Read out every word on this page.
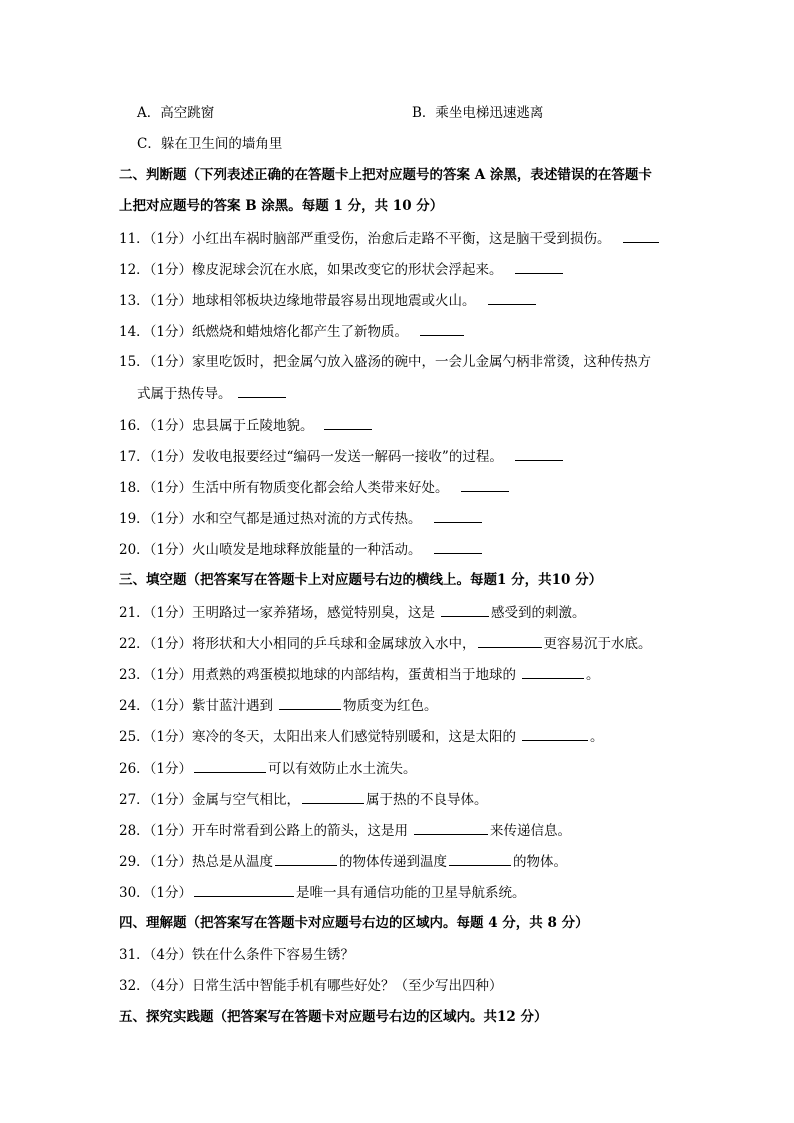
A．高空跳窗	B．乘坐电梯迅速逃离
C．躲在卫生间的墙角里
二、判断题（下列表述正确的在答题卡上把对应题号的答案 A 涂黑，表述错误的在答题卡
上把对应题号的答案 B 涂黑。每题 1 分，共 10 分）
11．（1分）小红出车祸时脑部严重受伤，治愈后走路不平衡，这是脑干受到损伤。
12．（1分）橡皮泥球会沉在水底，如果改变它的形状会浮起来。
13．（1分）地球相邻板块边缘地带最容易出现地震或火山。
14．（1分）纸燃烧和蜡烛熔化都产生了新物质。
15．（1分）家里吃饭时，把金属勺放入盛汤的碗中，一会儿金属勺柄非常烫，这种传热方
式属于热传导。
16．（1分）忠县属于丘陵地貌。
17．（1分）发收电报要经过“编码一发送一解码一接收”的过程。
18．（1分）生活中所有物质变化都会给人类带来好处。
19．（1分）水和空气都是通过热对流的方式传热。
20．（1分）火山喷发是地球释放能量的一种活动。
三、填空题（把答案写在答题卡上对应题号右边的横线上。每题1 分，共10 分）
21．（1分）王明路过一家养猪场，感觉特别臭，这是	感受到的刺激。
22．（1分）将形状和大小相同的乒乓球和金属球放入水中，	更容易沉于水底。
23．（1分）用煮熟的鸡蛋模拟地球的内部结构，蛋黄相当于地球的	。
24．（1分）紫甘蓝汁遇到	物质变为红色。
25．（1分）寒冷的冬天，太阳出来人们感觉特别暖和，这是太阳的	。
26．（1分）	可以有效防止水土流失。
27．（1分）金属与空气相比，	属于热的不良导体。
28．（1分）开车时常看到公路上的箭头，这是用	来传递信息。
29．（1分）热总是从温度	的物体传递到温度	的物体。
30．（1分）	是唯一具有通信功能的卫星导航系统。
四、理解题（把答案写在答题卡对应题号右边的区域内。每题 4 分，共 8 分）
31．（4分）铁在什么条件下容易生锈？
32．（4分）日常生活中智能手机有哪些好处？（至少写出四种）
五、探究实践题（把答案写在答题卡对应题号右边的区域内。共12 分）
